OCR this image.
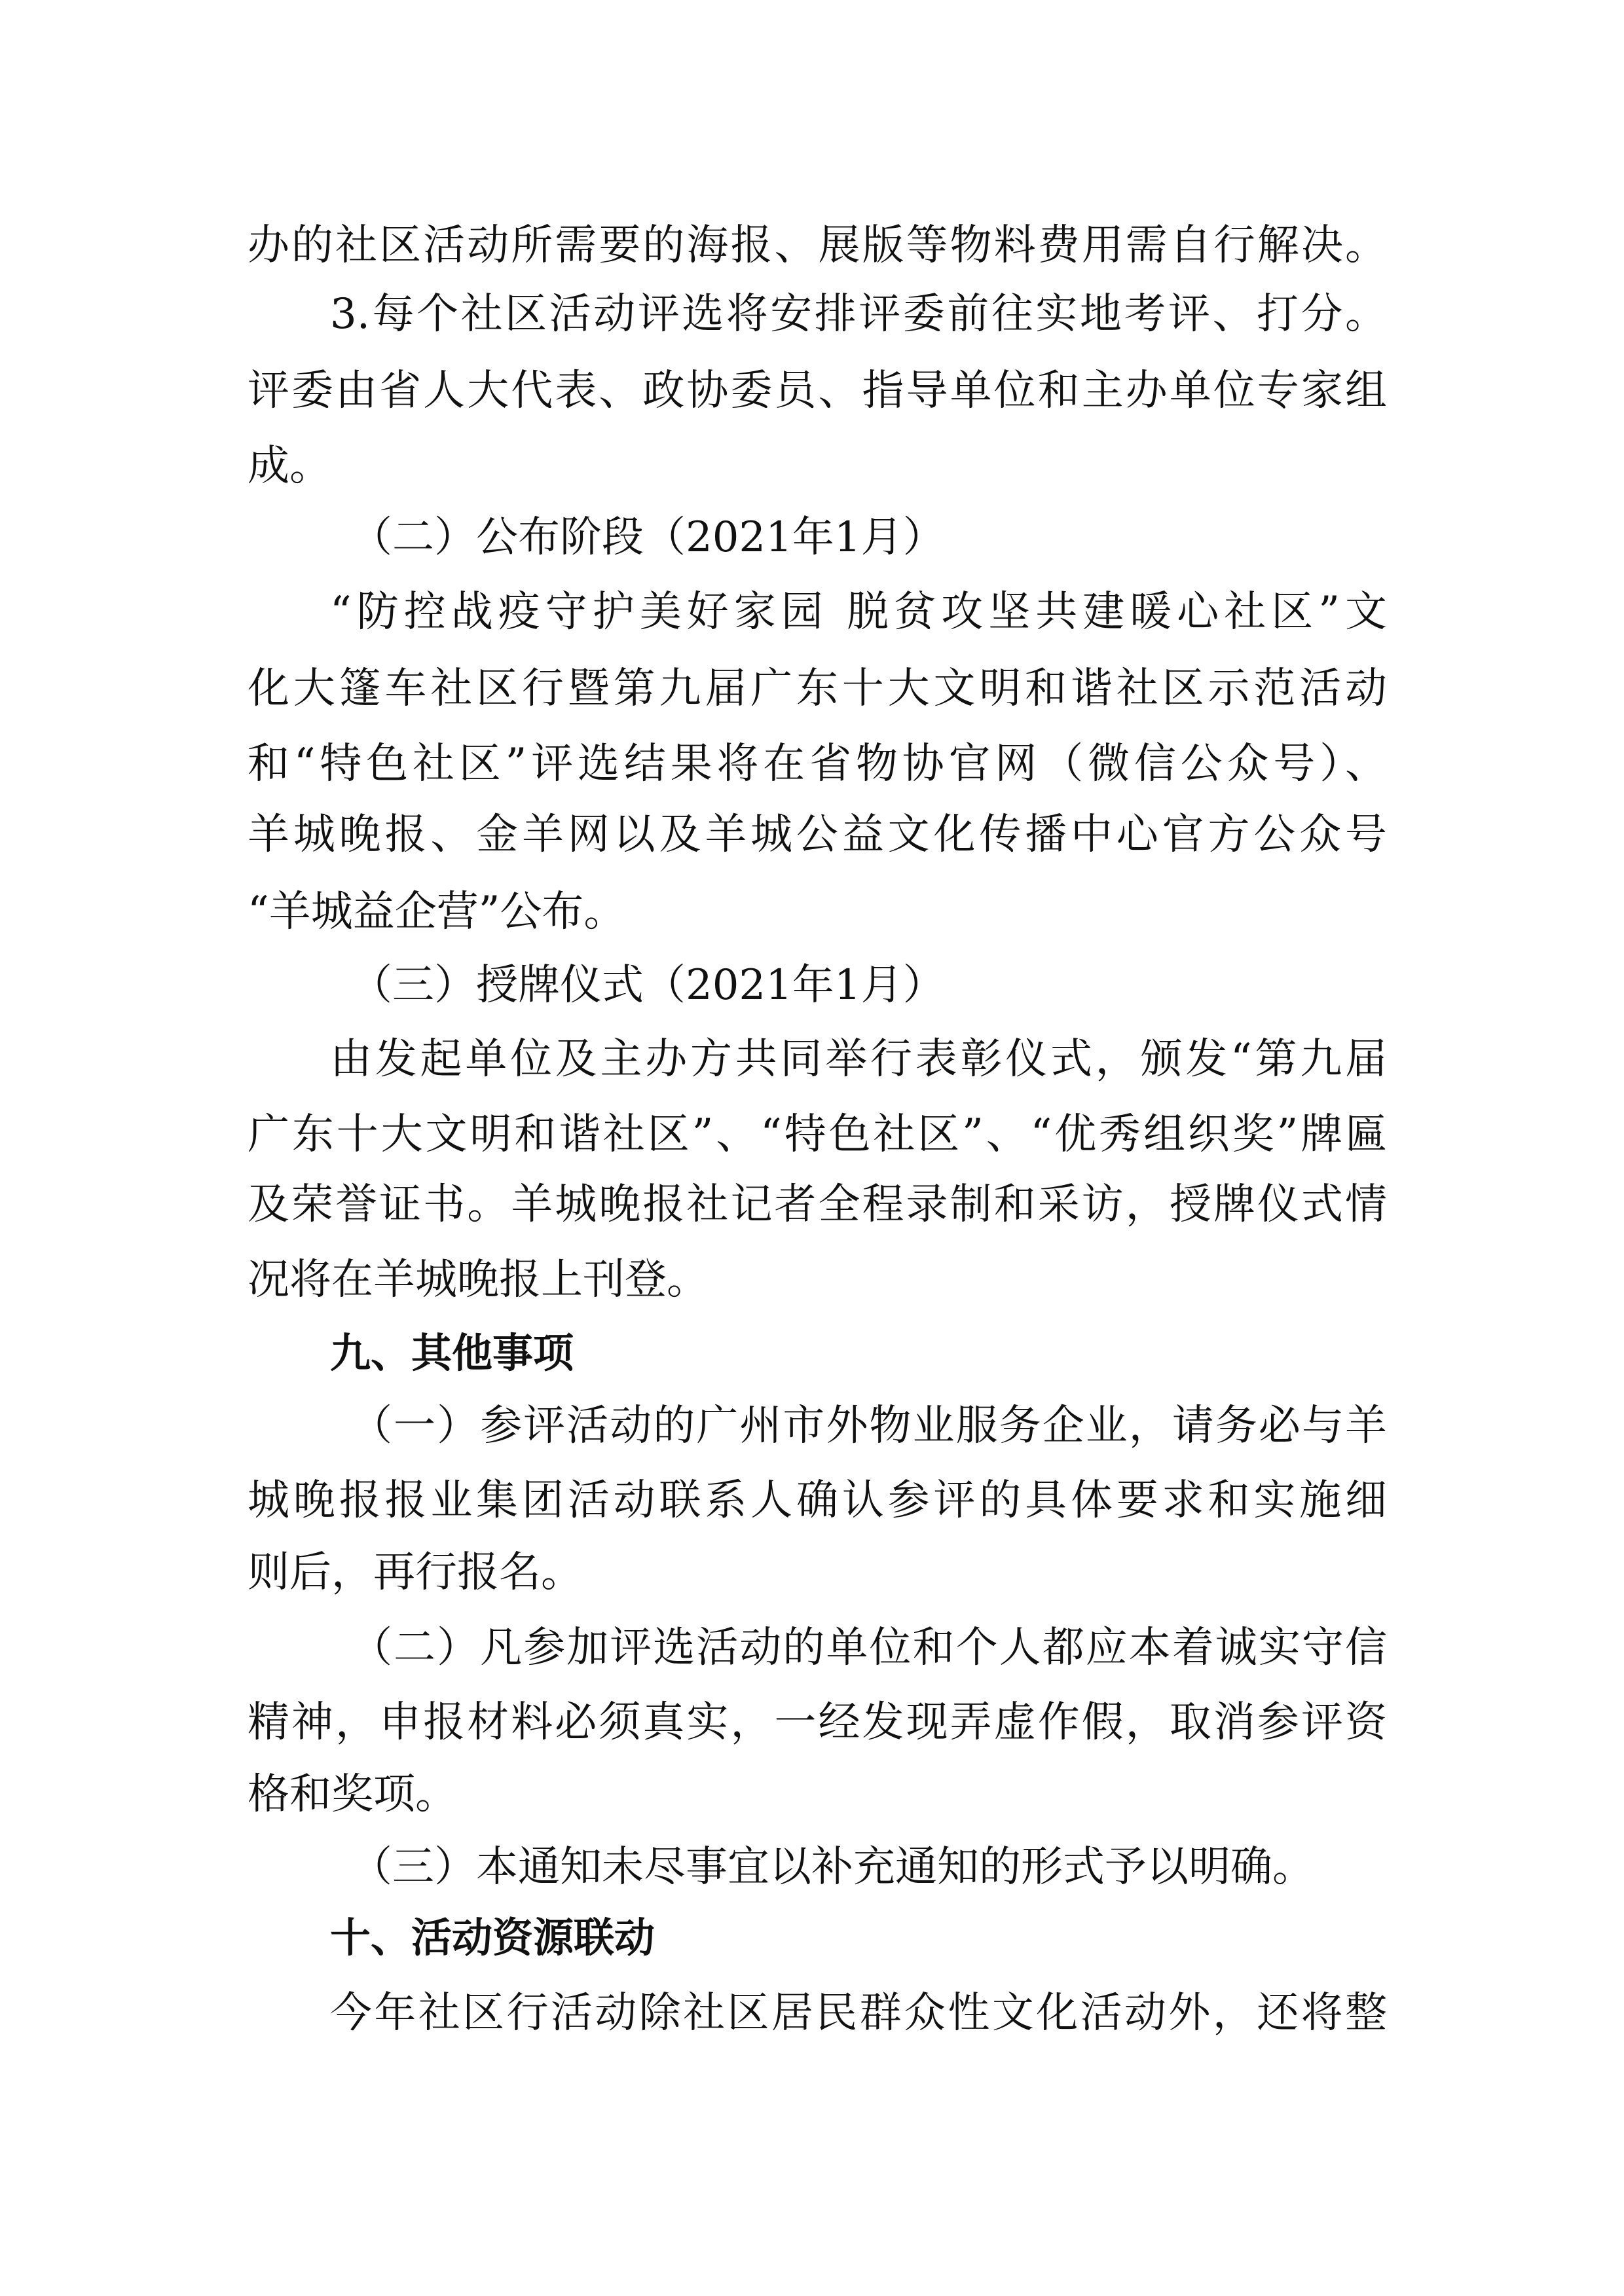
办的社区活动所需要的海报、展版等物料费用需自行解决。
3.每个社区活动评选将安排评委前往实地考评、打分。
评委由省人大代表、政协委员、指导单位和主办单位专家组
成。
（二）公布阶段（2021年1月）
“防控战疫守护美好家园 脱贫攻坚共建暖心社区”文
化大篷车社区行暨第九届广东十大文明和谐社区示范活动
和“特色社区”评选结果将在省物协官网（微信公众号）、
羊城晚报、金羊网以及羊城公益文化传播中心官方公众号
“羊城益企营”公布。
（三）授牌仪式（2021年1月）
由发起单位及主办方共同举行表彰仪式，颁发“第九届
广东十大文明和谐社区”、“特色社区”、“优秀组织奖”牌匾
及荣誉证书。羊城晚报社记者全程录制和采访，授牌仪式情
况将在羊城晚报上刊登。
九、其他事项
（一）参评活动的广州市外物业服务企业，请务必与羊
城晚报报业集团活动联系人确认参评的具体要求和实施细
则后，再行报名。
（二）凡参加评选活动的单位和个人都应本着诚实守信
精神，申报材料必须真实，一经发现弄虚作假，取消参评资
格和奖项。
（三）本通知未尽事宜以补充通知的形式予以明确。
十、活动资源联动
今年社区行活动除社区居民群众性文化活动外，还将整
